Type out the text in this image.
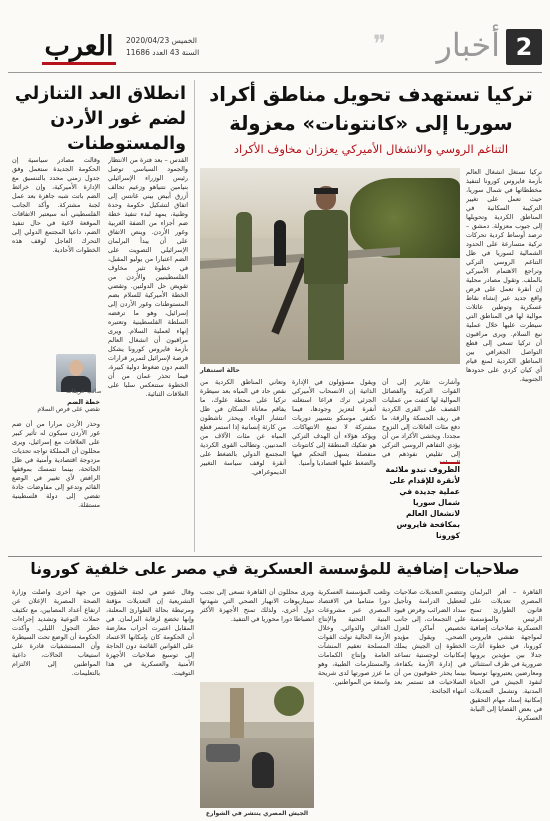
2
أخبار
❞
العرب	الخميس 2020/04/23
السنة 43 العدد 11686
انطلاق العد التنازلي لضم غور الأردن والمستوطنات
القدس – بعد فترة من الانتظار والجمود السياسي توصل رئيس الوزراء الإسرائيلي بنيامين نتنياهو وزعيم تحالف أزرق أبيض بيني غانتس إلى اتفاق لتشكيل حكومة وحدة وطنية، يمهد لبدء تنفيذ خطة ضم أجزاء من الضفة الغربية وغور الأردن. وينص الاتفاق على أن يبدأ البرلمان الإسرائيلي التصويت على الضم اعتبارا من يوليو المقبل، في خطوة تثير مخاوف الفلسطينيين والأردن من تقويض حل الدولتين. وتقضي الخطة الأميركية للسلام بضم المستوطنات وغور الأردن إلى إسرائيل، وهو ما ترفضه السلطة الفلسطينية وتعتبره إنهاء لعملية السلام. ويرى مراقبون أن انشغال العالم بأزمة فايروس كورونا يشكل فرصة لإسرائيل لتمرير قرارات الضم دون ضغوط دولية كبيرة، فيما تحذر عمان من أن الخطوة ستنعكس سلبا على العلاقات الثنائية.
وقالت مصادر سياسية إن الحكومة الجديدة ستعمل وفق جدول زمني محدد بالتنسيق مع الإدارة الأميركية، وإن خرائط الضم باتت شبه جاهزة بعد عمل لجنة مشتركة. وأكد الجانب الفلسطيني أنه سيعتبر الاتفاقات الموقعة لاغية في حال تنفيذ الضم، داعيا المجتمع الدولي إلى التحرك العاجل لوقف هذه الخطوات الأحادية.
صائب عريقات
خطة الضم
تقضي على فرص السلام
وحذر الأردن مرارا من أن ضم غور الأردن سيكون له تأثير كبير على العلاقات مع إسرائيل، ويرى محللون أن المملكة تواجه تحديات مزدوجة اقتصادية وأمنية في ظل الجائحة، بينما تتمسك بموقفها الرافض لأي تغيير في الوضع القائم وتدعو إلى مفاوضات جادة تفضي إلى دولة فلسطينية مستقلة.
تركيا تستهدف تحويل مناطق أكراد سوريا إلى «كانتونات» معزولة
التناغم الروسي والانشغال الأميركي يعززان مخاوف الأكراد
حالة استنفار
تركيا تستغل انشغال العالم بأزمة فايروس كورونا لتنفيذ مخططاتها في شمال سوريا، حيث تعمل على تغيير التركيبة السكانية في المناطق الكردية وتحويلها إلى جيوب معزولة. دمشق – ترصد أوساط كردية تحركات تركية متسارعة على الحدود الشمالية لسوريا في ظل التناغم الروسي التركي وتراجع الاهتمام الأميركي بالملف. وتقول مصادر محلية إن أنقرة تعمل على فرض واقع جديد عبر إنشاء نقاط عسكرية وتوطين عائلات موالية لها في المناطق التي سيطرت عليها خلال عملية نبع السلام. ويرى مراقبون أن تركيا تسعى إلى قطع التواصل الجغرافي بين المناطق الكردية لمنع قيام أي كيان كردي على حدودها الجنوبية.
وأشارت تقارير إلى أن القوات التركية والفصائل الموالية لها كثفت من عمليات القصف على القرى الكردية في ريف الحسكة والرقة، ما دفع مئات العائلات إلى النزوح مجددا. ويخشى الأكراد من أن يؤدي التفاهم الروسي التركي إلى تقليص نفوذهم في
ويقول مسؤولون في الإدارة الذاتية إن الانسحاب الأميركي الجزئي ترك فراغا استغلته أنقرة لتعزيز وجودها، فيما تكتفي موسكو بتسيير دوريات مشتركة لا تمنع الانتهاكات. ويؤكد هؤلاء أن الهدف التركي هو تفكيك المنطقة إلى كانتونات منفصلة يسهل التحكم فيها والضغط عليها اقتصاديا وأمنيا.
وتعاني المناطق الكردية من نقص حاد في المياه بعد سيطرة تركيا على محطة علوك، ما يفاقم معاناة السكان في ظل انتشار الوباء. ويحذر ناشطون من كارثة إنسانية إذا استمر قطع المياه عن مئات الآلاف من المدنيين. وتطالب القوى الكردية المجتمع الدولي بالضغط على أنقرة لوقف سياسة التغيير الديموغرافي.	الظروف تبدو ملائمة لأنقرة للإقدام على عملية جديدة في شمال سوريا لانشغال العالم بمكافحة فايروس كورونا
صلاحيات إضافية للمؤسسة العسكرية في مصر على خلفية كورونا
القاهرة – أقر البرلمان المصري تعديلات على قانون الطوارئ تمنح الرئيس والمؤسسة العسكرية صلاحيات إضافية لمواجهة تفشي فايروس كورونا، في خطوة أثارت جدلا بين مؤيدين يرونها ضرورية في ظرف استثنائي ومعارضين يعتبرونها توسيعا لنفوذ الجيش في الحياة المدنية. وتشمل التعديلات إمكانية إسناد مهام التحقيق في بعض القضايا إلى النيابة العسكرية.
وتتضمن التعديلات صلاحيات لتعطيل الدراسة وتأجيل سداد الضرائب وفرض قيود على التجمعات، إلى جانب تخصيص أماكن للعزل الصحي. ويقول مؤيدو الخطوة إن الجيش يملك إمكانيات لوجستية تساعد في إدارة الأزمة بكفاءة، بينما يحذر حقوقيون من أن الصلاحيات قد تستمر بعد انتهاء الجائحة.
وتلعب المؤسسة العسكرية دورا متناميا في الاقتصاد المصري عبر مشروعات البنية التحتية والإنتاج الغذائي والدوائي. وخلال الأزمة الحالية تولت القوات المسلحة تعقيم المنشآت العامة وإنتاج الكمامات والمستلزمات الطبية، وهو ما عزز صورتها لدى شريحة واسعة من المواطنين.
ويرى محللون أن القاهرة تسعى إلى تجنب سيناريوهات الانهيار الصحي التي شهدتها دول أخرى، ولذلك تمنح الأجهزة الأكثر انضباطا دورا محوريا في التنفيذ.
الجيش المصري ينتشر في الشوارع
وقال عضو في لجنة الشؤون التشريعية إن التعديلات مؤقتة ومرتبطة بحالة الطوارئ المعلنة، وإنها تخضع لرقابة البرلمان. في المقابل اعتبرت أحزاب معارضة أن الحكومة كان بإمكانها الاعتماد على القوانين القائمة دون الحاجة إلى توسيع صلاحيات الأجهزة الأمنية والعسكرية في هذا التوقيت.
من جهة أخرى واصلت وزارة الصحة المصرية الإعلان عن ارتفاع أعداد المصابين، مع تكثيف حملات التوعية وتشديد إجراءات حظر التجول الليلي. وأكدت الحكومة أن الوضع تحت السيطرة وأن المستشفيات قادرة على استيعاب الحالات، داعية المواطنين إلى الالتزام بالتعليمات.
